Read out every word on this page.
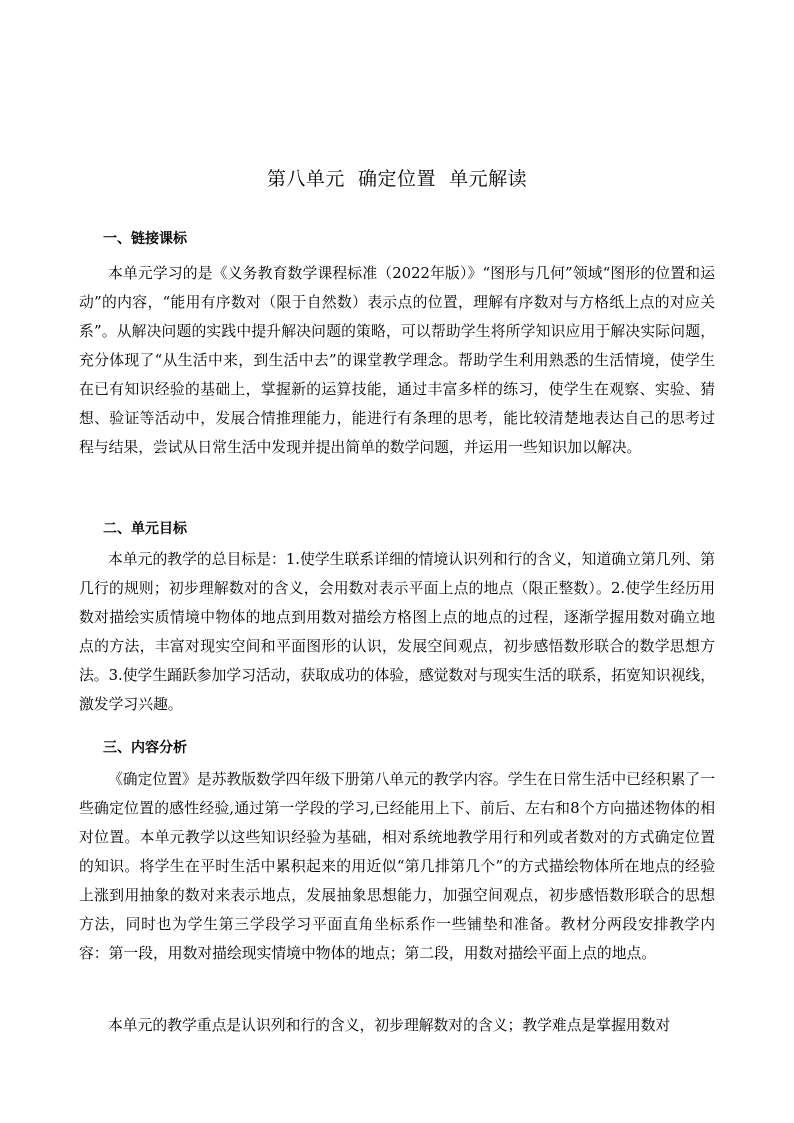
第八单元  确定位置  单元解读
一、链接课标

本单元学习的是《义务教育数学课程标准（2022年版）》“图形与几何”领域“图形的位置和运动”的内容，“能用有序数对（限于自然数）表示点的位置，理解有序数对与方格纸上点的对应关系”。从解决问题的实践中提升解决问题的策略，可以帮助学生将所学知识应用于解决实际问题，充分体现了“从生活中来，到生活中去”的课堂教学理念。帮助学生利用熟悉的生活情境，使学生在已有知识经验的基础上，掌握新的运算技能，通过丰富多样的练习，使学生在观察、实验、猜想、验证等活动中，发展合情推理能力，能进行有条理的思考，能比较清楚地表达自己的思考过程与结果，尝试从日常生活中发现并提出简单的数学问题，并运用一些知识加以解决。

二、单元目标

本单元的教学的总目标是：1.使学生联系详细的情境认识列和行的含义，知道确立第几列、第几行的规则；初步理解数对的含义，会用数对表示平面上点的地点（限正整数）。2.使学生经历用数对描绘实质情境中物体的地点到用数对描绘方格图上点的地点的过程，逐渐学握用数对确立地点的方法，丰富对现实空间和平面图形的认识，发展空间观点，初步感悟数形联合的数学思想方法。3.使学生踊跃参加学习活动，获取成功的体验，感觉数对与现实生活的联系，拓宽知识视线，激发学习兴趣。

三、内容分析

《确定位置》是苏教版数学四年级下册第八单元的教学内容。学生在日常生活中已经积累了一些确定位置的感性经验,通过第一学段的学习,已经能用上下、前后、左右和8个方向描述物体的相对位置。本单元教学以这些知识经验为基础，相对系统地教学用行和列或者数对的方式确定位置的知识。将学生在平时生活中累积起来的用近似“第几排第几个”的方式描绘物体所在地点的经验上涨到用抽象的数对来表示地点，发展抽象思想能力，加强空间观点，初步感悟数形联合的思想方法，同时也为学生第三学段学习平面直角坐标系作一些铺垫和准备。教材分两段安排教学内容：第一段，用数对描绘现实情境中物体的地点；第二段，用数对描绘平面上点的地点。

本单元的教学重点是认识列和行的含义，初步理解数对的含义；教学难点是掌握用数对
